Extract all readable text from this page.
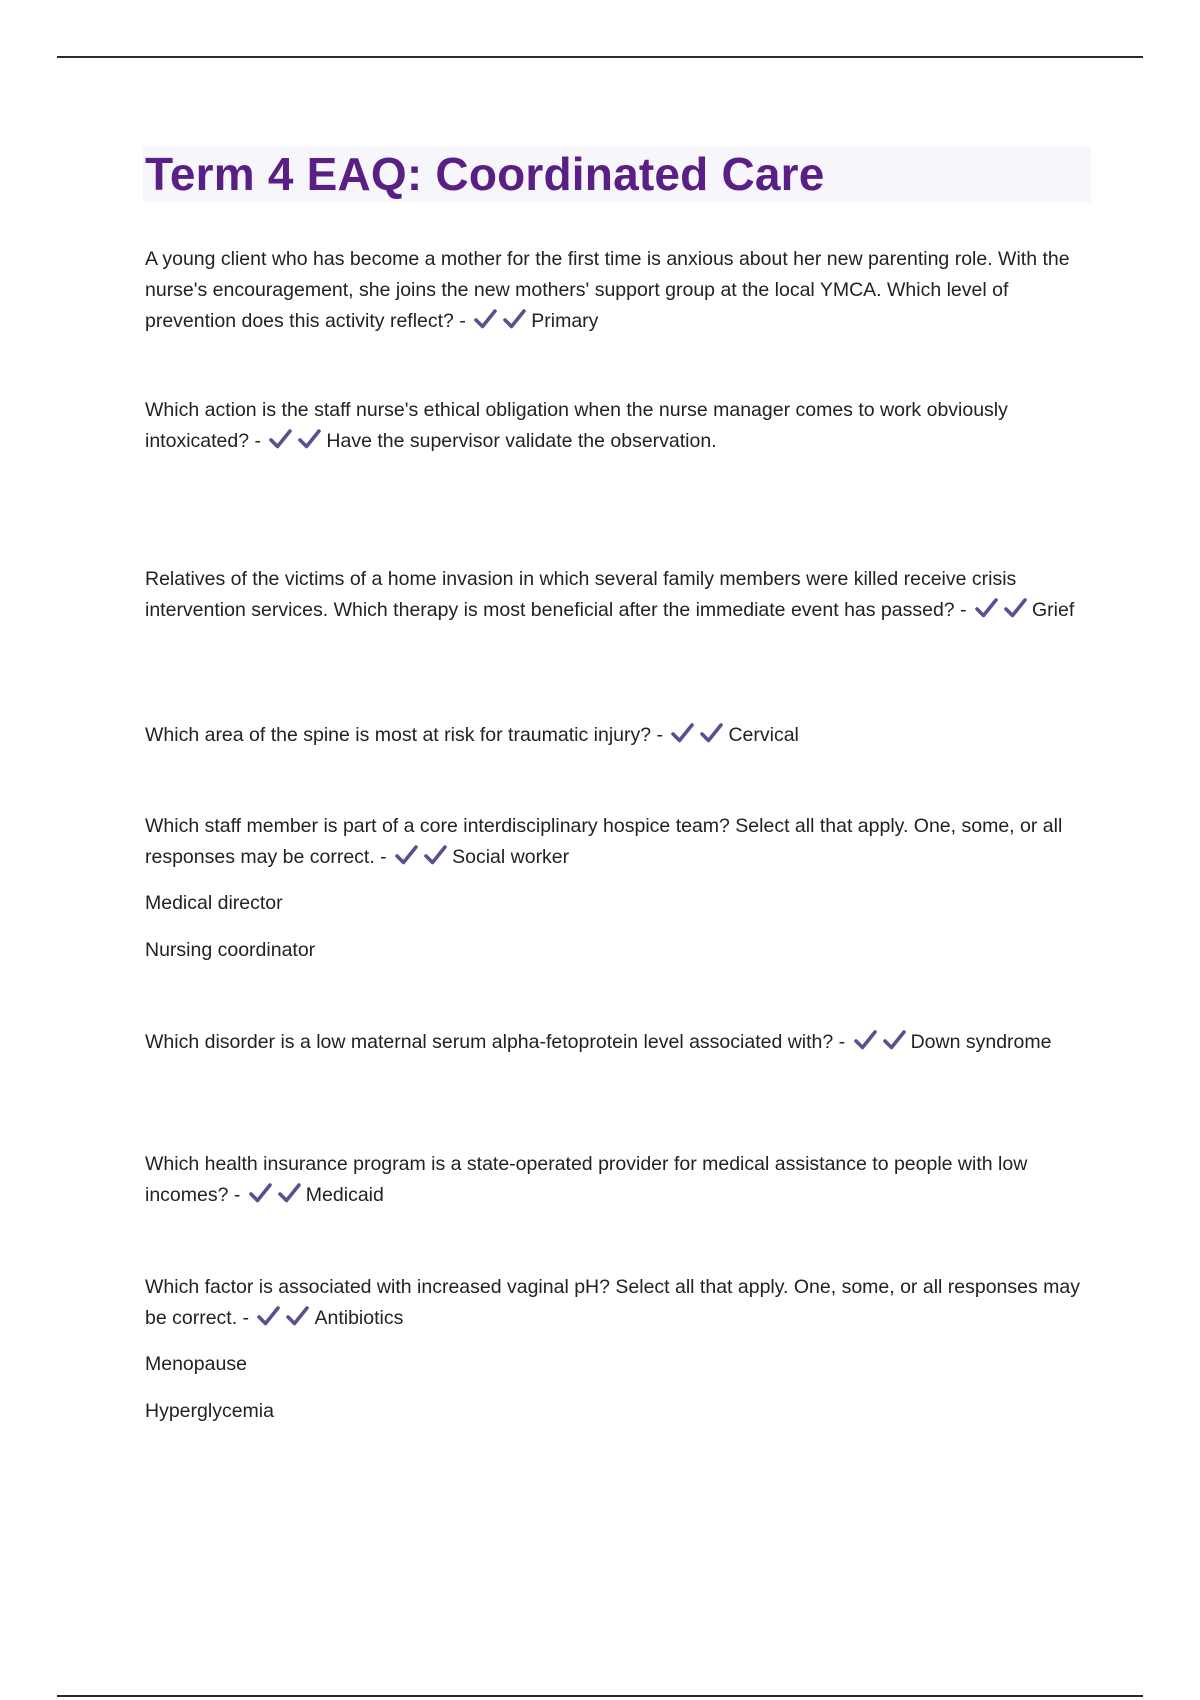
Term 4 EAQ: Coordinated Care

A young client who has become a mother for the first time is anxious about her new parenting role. With the nurse's encouragement, she joins the new mothers' support group at the local YMCA. Which level of prevention does this activity reflect? -	Primary

Which action is the staff nurse's ethical obligation when the nurse manager comes to work obviously intoxicated? -	Have the supervisor validate the observation.

Relatives of the victims of a home invasion in which several family members were killed receive crisis intervention services. Which therapy is most beneficial after the immediate event has passed? -	Grief

Which area of the spine is most at risk for traumatic injury? -	Cervical

Which staff member is part of a core interdisciplinary hospice team? Select all that apply. One, some, or all responses may be correct. -	Social worker

Medical director
Nursing coordinator

Which disorder is a low maternal serum alpha-fetoprotein level associated with? -	Down syndrome

Which health insurance program is a state-operated provider for medical assistance to people with low incomes? -	Medicaid

Which factor is associated with increased vaginal pH? Select all that apply. One, some, or all responses may be correct. -	Antibiotics

Menopause
Hyperglycemia
